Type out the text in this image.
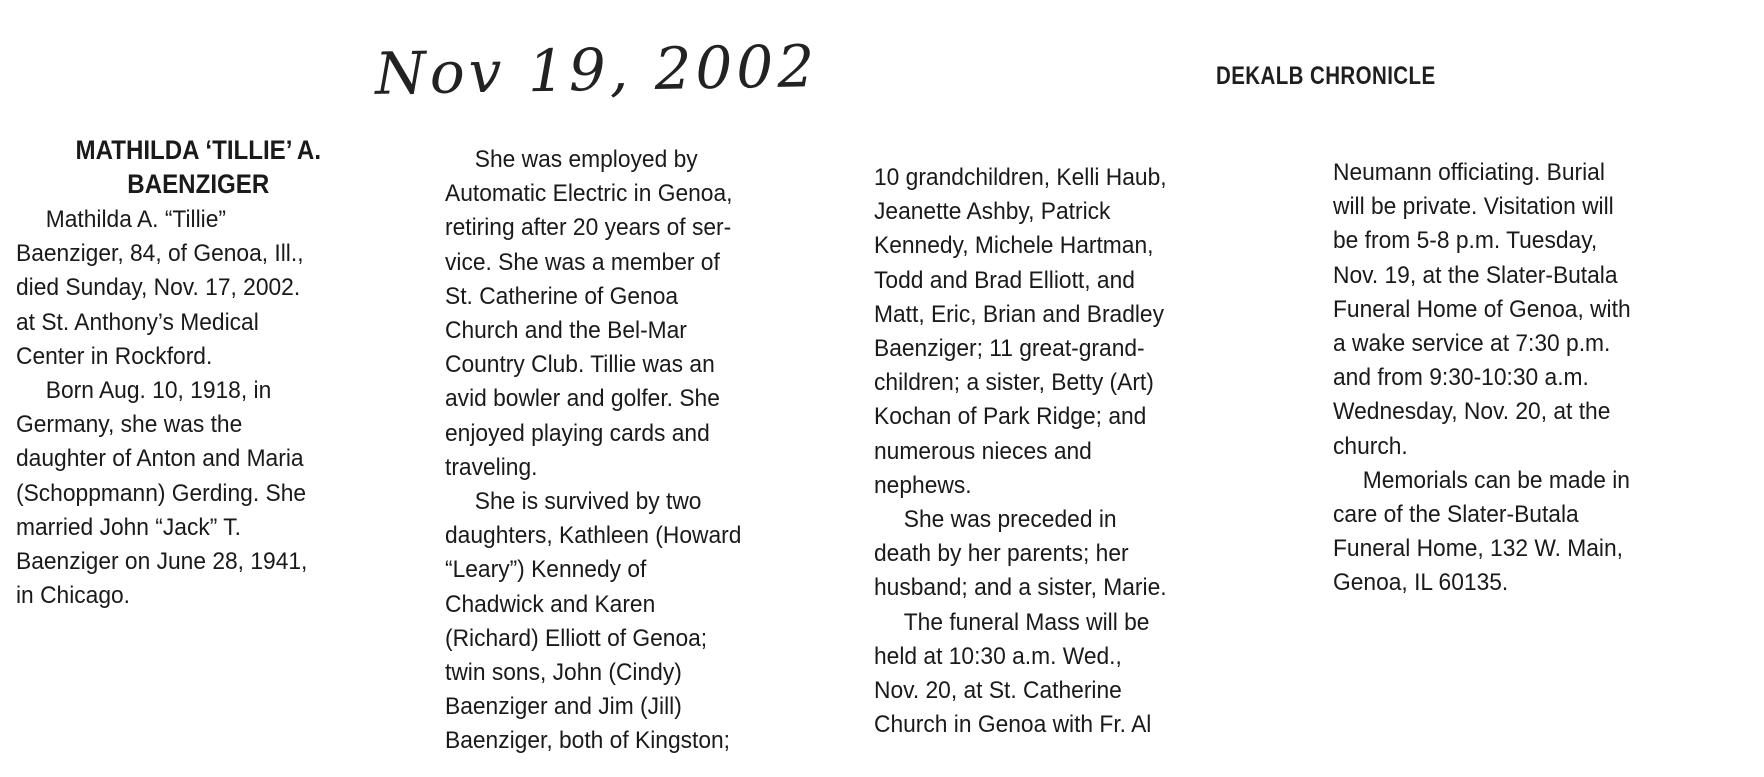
Nov 19, 2002	DEKALB CHRONICLE
MATHILDA ‘TILLIE’ A.
BAENZIGER
Mathilda A. “Tillie”
Baenziger, 84, of Genoa, Ill.,
died Sunday, Nov. 17, 2002.
at St. Anthony’s Medical
Center in Rockford.
Born Aug. 10, 1918, in
Germany, she was the
daughter of Anton and Maria
(Schoppmann) Gerding. She
married John “Jack” T.
Baenziger on June 28, 1941,
in Chicago.
She was employed by
Automatic Electric in Genoa,
retiring after 20 years of ser-
vice. She was a member of
St. Catherine of Genoa
Church and the Bel-Mar
Country Club. Tillie was an
avid bowler and golfer. She
enjoyed playing cards and
traveling.
She is survived by two
daughters, Kathleen (Howard
“Leary”) Kennedy of
Chadwick and Karen
(Richard) Elliott of Genoa;
twin sons, John (Cindy)
Baenziger and Jim (Jill)
Baenziger, both of Kingston;
10 grandchildren, Kelli Haub,
Jeanette Ashby, Patrick
Kennedy, Michele Hartman,
Todd and Brad Elliott, and
Matt, Eric, Brian and Bradley
Baenziger; 11 great-grand-
children; a sister, Betty (Art)
Kochan of Park Ridge; and
numerous nieces and
nephews.
She was preceded in
death by her parents; her
husband; and a sister, Marie.
The funeral Mass will be
held at 10:30 a.m. Wed.,
Nov. 20, at St. Catherine
Church in Genoa with Fr. Al
Neumann officiating. Burial
will be private. Visitation will
be from 5-8 p.m. Tuesday,
Nov. 19, at the Slater-Butala
Funeral Home of Genoa, with
a wake service at 7:30 p.m.
and from 9:30-10:30 a.m.
Wednesday, Nov. 20, at the
church.
Memorials can be made in
care of the Slater-Butala
Funeral Home, 132 W. Main,
Genoa, IL 60135.
